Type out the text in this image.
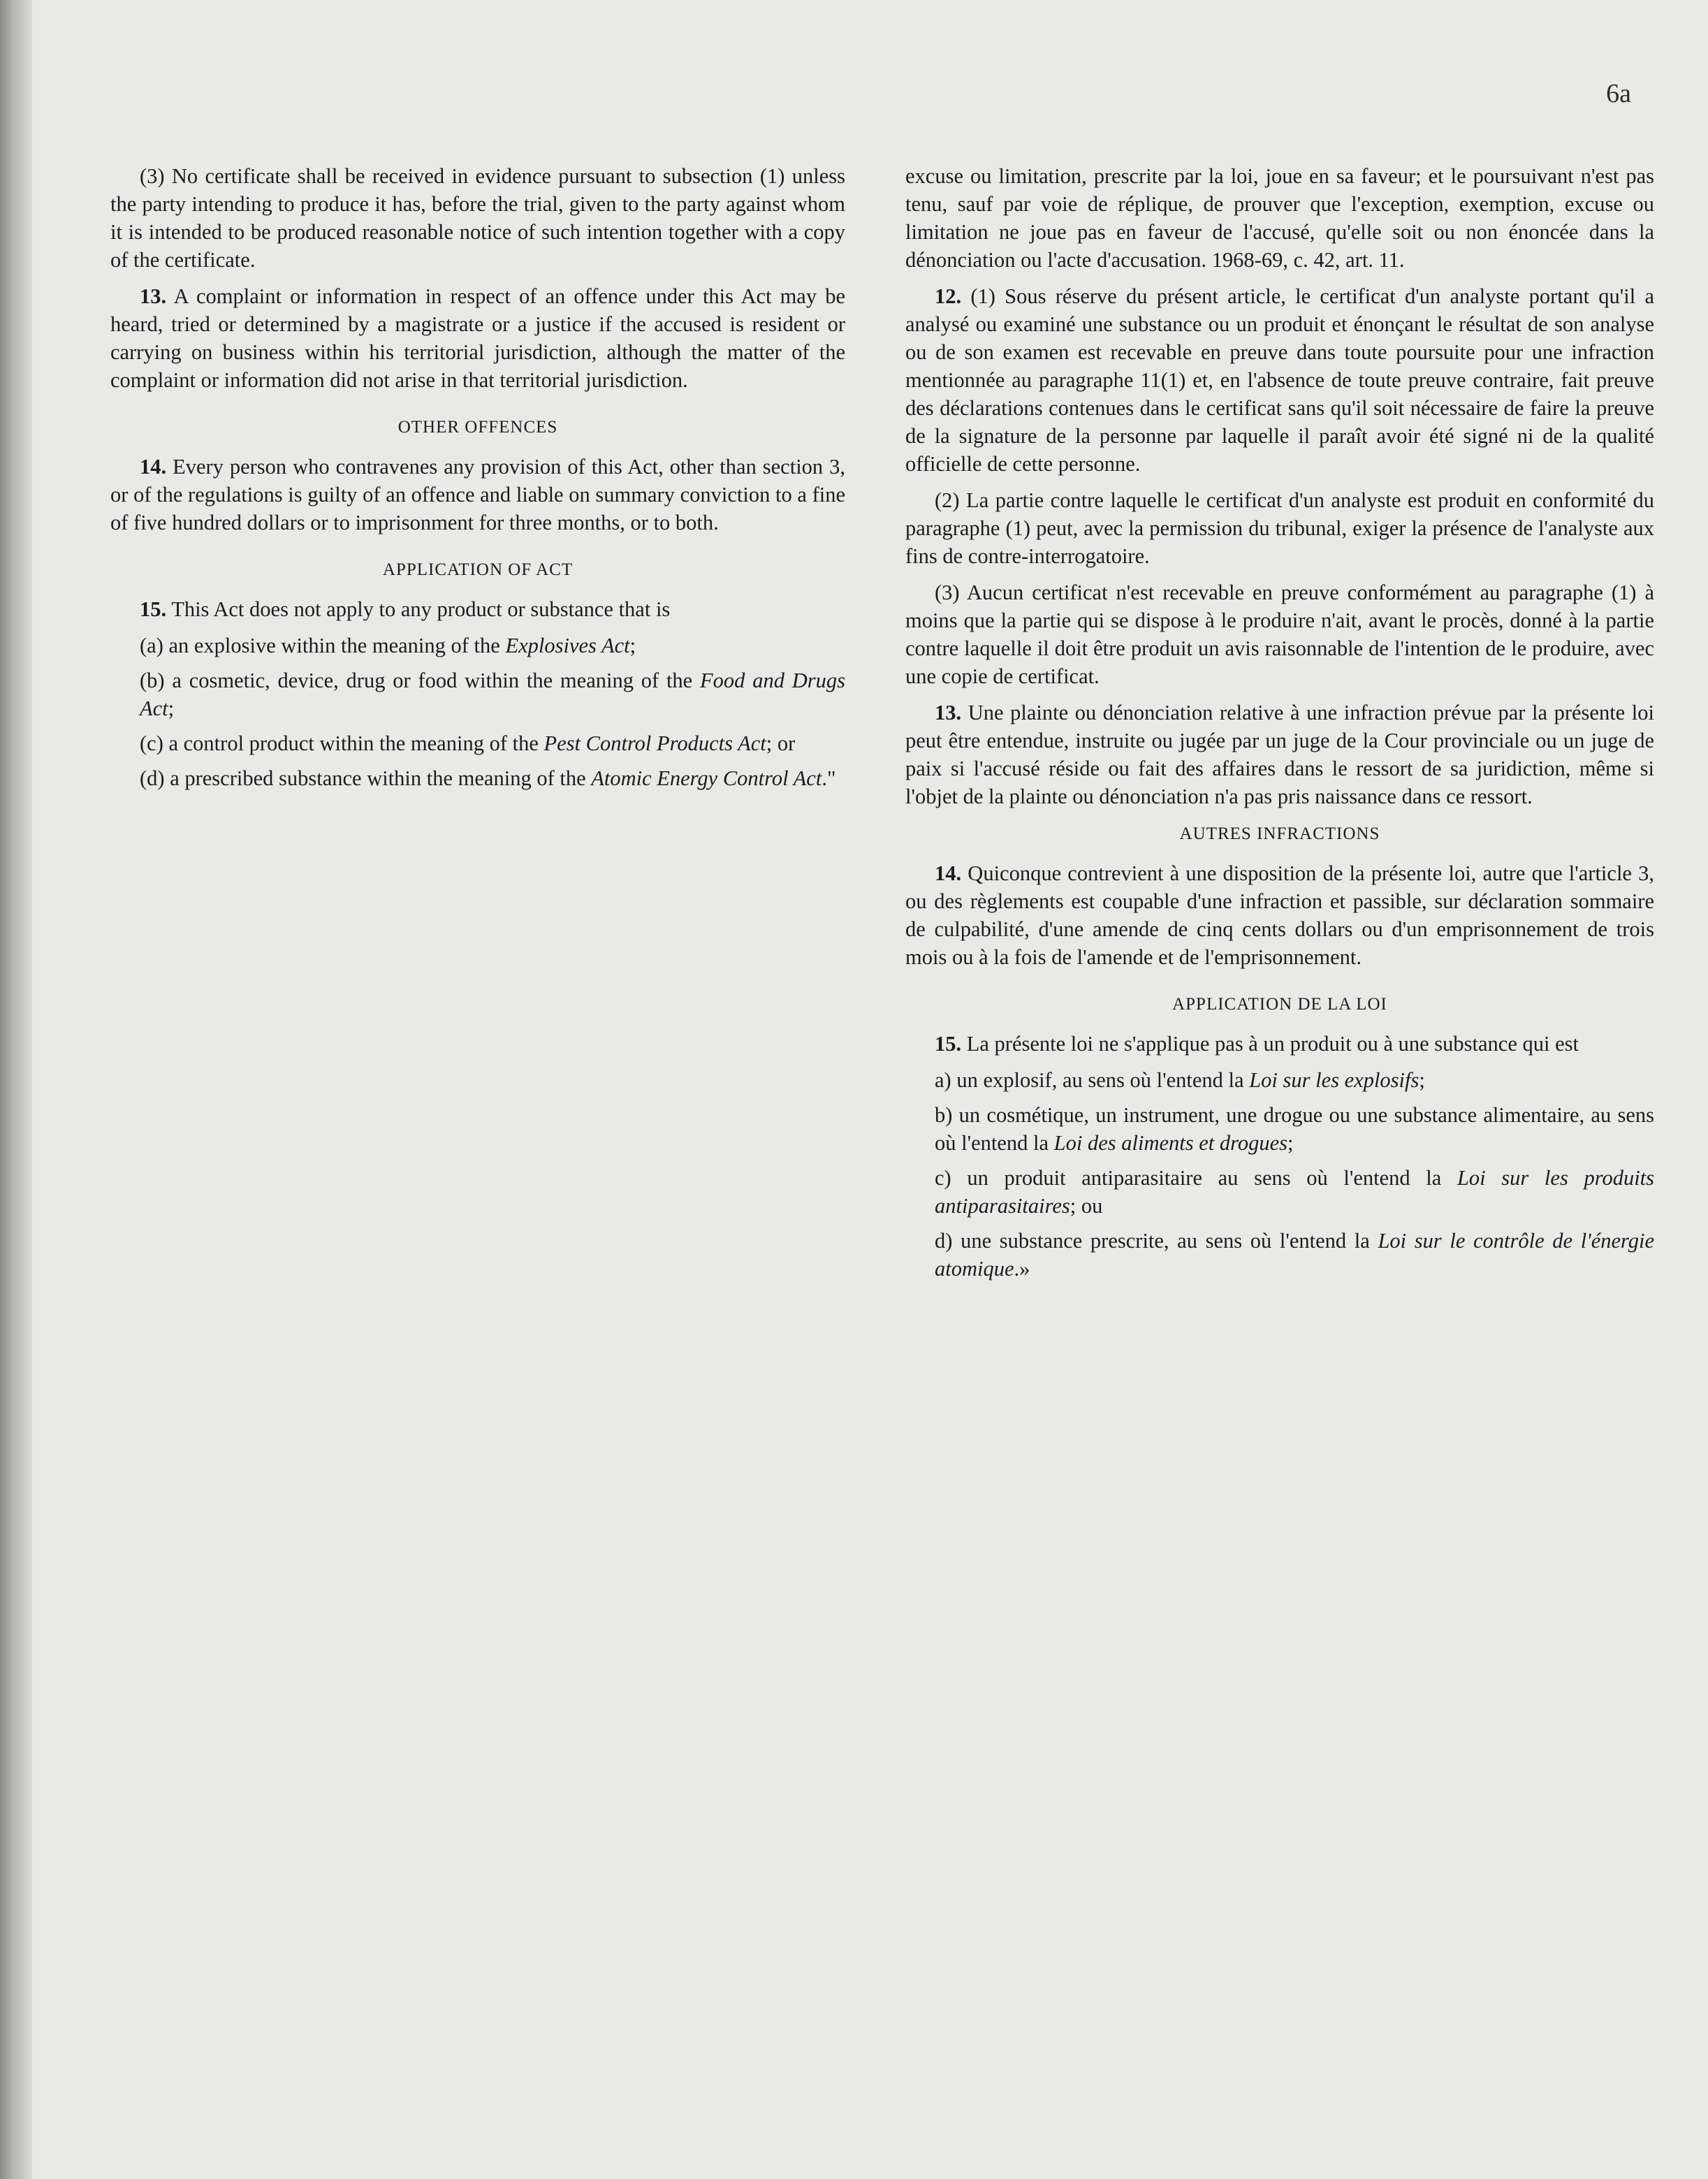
6a

(3) No certificate shall be received in evidence pursuant to subsection (1) unless the party intending to produce it has, before the trial, given to the party against whom it is intended to be produced reasonable notice of such intention together with a copy of the certificate.

13. A complaint or information in respect of an offence under this Act may be heard, tried or determined by a magistrate or a justice if the accused is resident or carrying on business within his territorial jurisdiction, although the matter of the complaint or information did not arise in that territorial jurisdiction.

OTHER OFFENCES

14. Every person who contravenes any provision of this Act, other than section 3, or of the regulations is guilty of an offence and liable on summary conviction to a fine of five hundred dollars or to imprisonment for three months, or to both.

APPLICATION OF ACT

15. This Act does not apply to any product or substance that is

(a) an explosive within the meaning of the Explosives Act;

(b) a cosmetic, device, drug or food within the meaning of the Food and Drugs Act;

(c) a control product within the meaning of the Pest Control Products Act; or

(d) a prescribed substance within the meaning of the Atomic Energy Control Act."

excuse ou limitation, prescrite par la loi, joue en sa faveur; et le poursuivant n'est pas tenu, sauf par voie de réplique, de prouver que l'exception, exemption, excuse ou limitation ne joue pas en faveur de l'accusé, qu'elle soit ou non énoncée dans la dénonciation ou l'acte d'accusation. 1968-69, c. 42, art. 11.

12. (1) Sous réserve du présent article, le certificat d'un analyste portant qu'il a analysé ou examiné une substance ou un produit et énonçant le résultat de son analyse ou de son examen est recevable en preuve dans toute poursuite pour une infraction mentionnée au paragraphe 11(1) et, en l'absence de toute preuve contraire, fait preuve des déclarations contenues dans le certificat sans qu'il soit nécessaire de faire la preuve de la signature de la personne par laquelle il paraît avoir été signé ni de la qualité officielle de cette personne.

(2) La partie contre laquelle le certificat d'un analyste est produit en conformité du paragraphe (1) peut, avec la permission du tribunal, exiger la présence de l'analyste aux fins de contre-interrogatoire.

(3) Aucun certificat n'est recevable en preuve conformément au paragraphe (1) à moins que la partie qui se dispose à le produire n'ait, avant le procès, donné à la partie contre laquelle il doit être produit un avis raisonnable de l'intention de le produire, avec une copie de certificat.

13. Une plainte ou dénonciation relative à une infraction prévue par la présente loi peut être entendue, instruite ou jugée par un juge de la Cour provinciale ou un juge de paix si l'accusé réside ou fait des affaires dans le ressort de sa juridiction, même si l'objet de la plainte ou dénonciation n'a pas pris naissance dans ce ressort.

AUTRES INFRACTIONS

14. Quiconque contrevient à une disposition de la présente loi, autre que l'article 3, ou des règlements est coupable d'une infraction et passible, sur déclaration sommaire de culpabilité, d'une amende de cinq cents dollars ou d'un emprisonnement de trois mois ou à la fois de l'amende et de l'emprisonnement.

APPLICATION DE LA LOI

15. La présente loi ne s'applique pas à un produit ou à une substance qui est

a) un explosif, au sens où l'entend la Loi sur les explosifs;

b) un cosmétique, un instrument, une drogue ou une substance alimentaire, au sens où l'entend la Loi des aliments et drogues;

c) un produit antiparasitaire au sens où l'entend la Loi sur les produits antiparasitaires; ou

d) une substance prescrite, au sens où l'entend la Loi sur le contrôle de l'énergie atomique.»
